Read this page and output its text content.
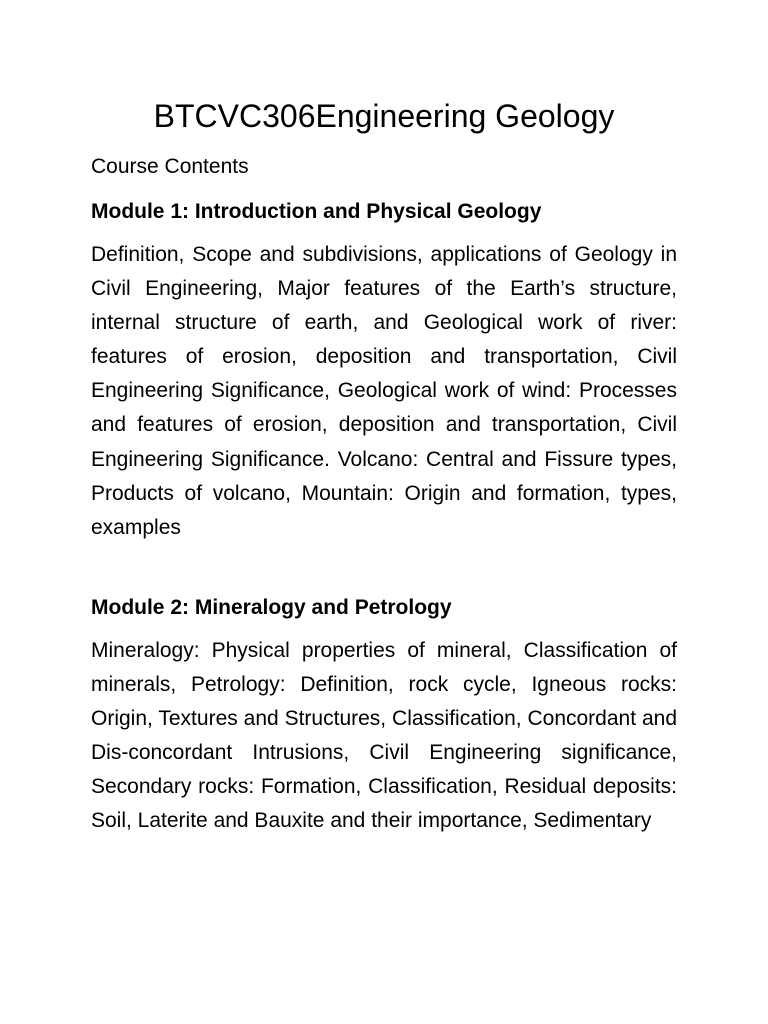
BTCVC306Engineering Geology

Course Contents

Module 1: Introduction and Physical Geology

Definition, Scope and subdivisions, applications of Geology in Civil Engineering, Major features of the Earth’s structure, internal structure of earth, and Geological work of river: features of erosion, deposition and transportation, Civil Engineering Significance, Geological work of wind: Processes and features of erosion, deposition and transportation, Civil Engineering Significance. Volcano: Central and Fissure types, Products of volcano, Mountain: Origin and formation, types, examples

Module 2: Mineralogy and Petrology

Mineralogy: Physical properties of mineral, Classification of minerals, Petrology: Definition, rock cycle, Igneous rocks: Origin, Textures and Structures, Classification, Concordant and Dis-concordant Intrusions, Civil Engineering significance, Secondary rocks: Formation, Classification, Residual deposits: Soil, Laterite and Bauxite and their importance, Sedimentary
